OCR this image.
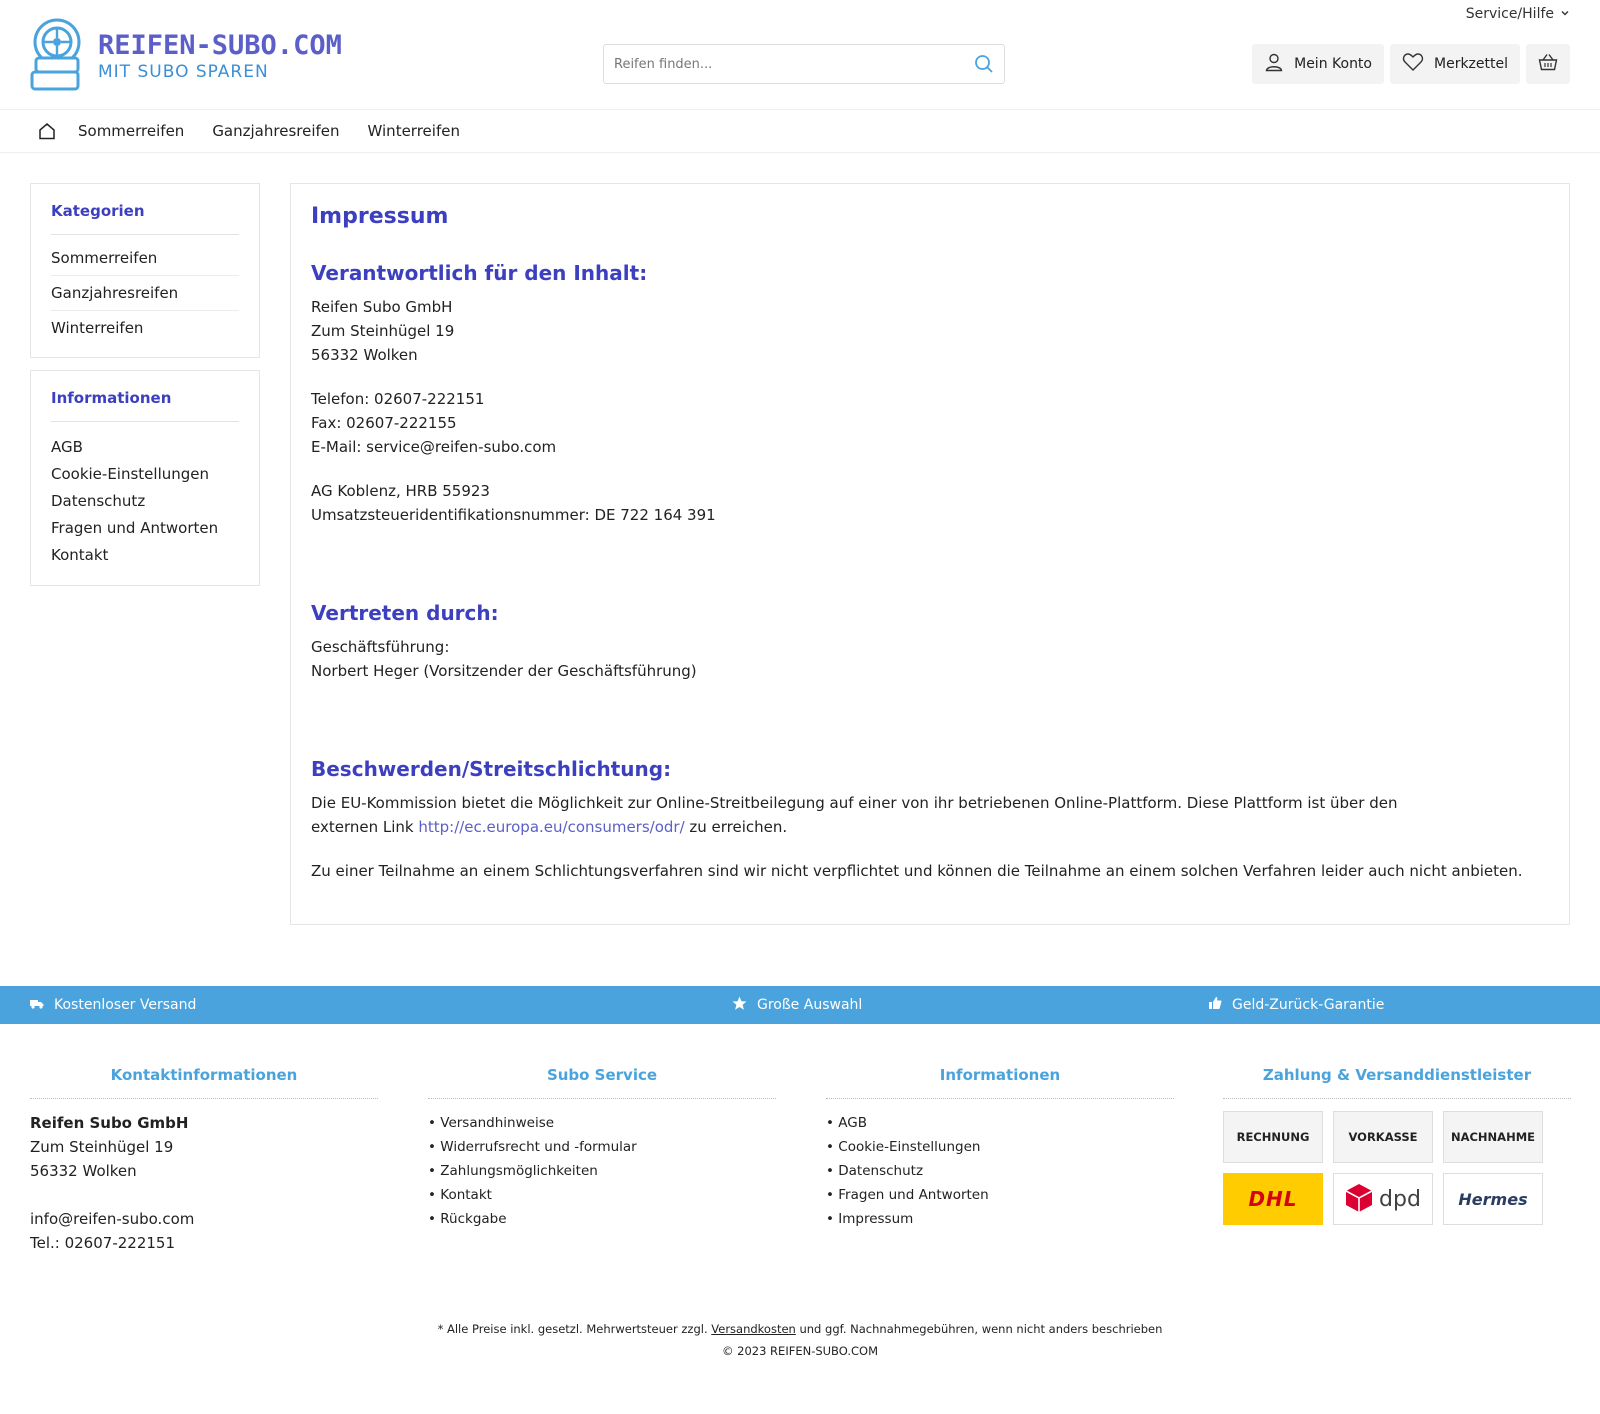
Service/Hilfe
REIFEN-SUBO.COM
MIT SUBO SPAREN
Reifen finden...	Mein Konto	Merkzettel
Sommerreifen Ganzjahresreifen Winterreifen
Kategorien
Sommerreifen
Ganzjahresreifen
Winterreifen
Informationen
AGB
Cookie-Einstellungen
Datenschutz
Fragen und Antworten
Kontakt
Impressum
Verantwortlich für den Inhalt:

Reifen Subo GmbH

Zum Steinhügel 19

56332 Wolken

Telefon: 02607-222151

Fax: 02607-222155

E-Mail: service@reifen-subo.com

AG Koblenz, HRB 55923

Umsatzsteueridentifikationsnummer: DE 722 164 391

Vertreten durch:

Geschäftsführung:

Norbert Heger (Vorsitzender der Geschäftsführung)

Beschwerden/Streitschlichtung:

Die EU-Kommission bietet die Möglichkeit zur Online-Streitbeilegung auf einer von ihr betriebenen Online-Plattform. Diese Plattform ist über den externen Link http://ec.europa.eu/consumers/odr/ zu erreichen.

Zu einer Teilnahme an einem Schlichtungsverfahren sind wir nicht verpflichtet und können die Teilnahme an einem solchen Verfahren leider auch nicht anbieten.

Kostenloser Versand	Große Auswahl	Geld-Zurück-Garantie
Kontaktinformationen
Reifen Subo GmbH
Zum Steinhügel 19
56332 Wolken
info@reifen-subo.com
Tel.: 02607-222151
Subo Service
• Versandhinweise
• Widerrufsrecht und -formular
• Zahlungsmöglichkeiten
• Kontakt
• Rückgabe
Informationen
• AGB
• Cookie-Einstellungen
• Datenschutz
• Fragen und Antworten
• Impressum
Zahlung & Versanddienstleister
RECHNUNG	VORKASSE	NACHNAHME
DHL	dpd Hermes
* Alle Preise inkl. gesetzl. Mehrwertsteuer zzgl. Versandkosten und ggf. Nachnahmegebühren, wenn nicht anders beschrieben
© 2023 REIFEN-SUBO.COM
